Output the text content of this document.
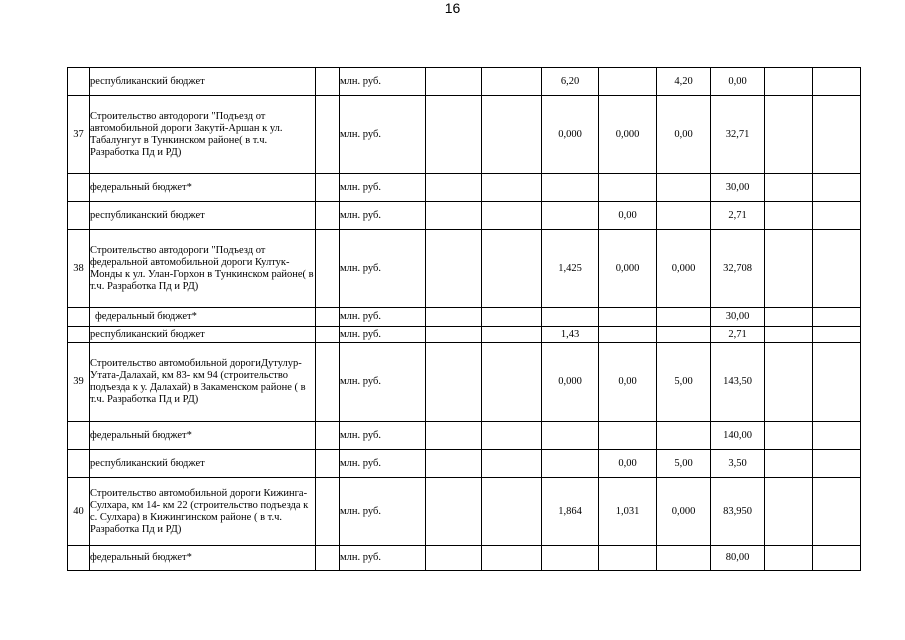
16
	республиканский бюджет		млн. руб.			6,20		4,20	0,00		
37	Строительство автодороги "Подъезд от автомобильной дороги Закутй-Аршан к ул. Табалунгут в Тункинском районе( в т.ч. Разработка Пд и РД)		млн. руб.			0,000	0,000	0,00	32,71		
	федеральный бюджет*		млн. руб.						30,00		
	республиканский бюджет		млн. руб.				0,00		2,71		
38	Строительство автодороги "Подъезд от федеральной автомобильной дороги Култук-Монды к ул. Улан-Горхон в Тункинском районе( в т.ч. Разработка Пд и РД)		млн. руб.			1,425	0,000	0,000	32,708		
	федеральный бюджет*		млн. руб.						30,00		
	республиканский бюджет		млн. руб.			1,43			2,71		
39	Строительство автомобильной дорогиДутулур-Утата-Далахай, км 83- км 94 (строительство подъезда к у. Далахай) в Закаменском районе ( в т.ч. Разработка Пд и РД)		млн. руб.			0,000	0,00	5,00	143,50		
	федеральный бюджет*		млн. руб.						140,00		
	республиканский бюджет		млн. руб.				0,00	5,00	3,50		
40	Строительство автомобильной дороги Кижинга-Сулхара, км 14- км 22 (строительство подъезда к с. Сулхара) в Кижингинском районе ( в т.ч. Разработка Пд и РД)		млн. руб.			1,864	1,031	0,000	83,950		
	федеральный бюджет*		млн. руб.						80,00		
